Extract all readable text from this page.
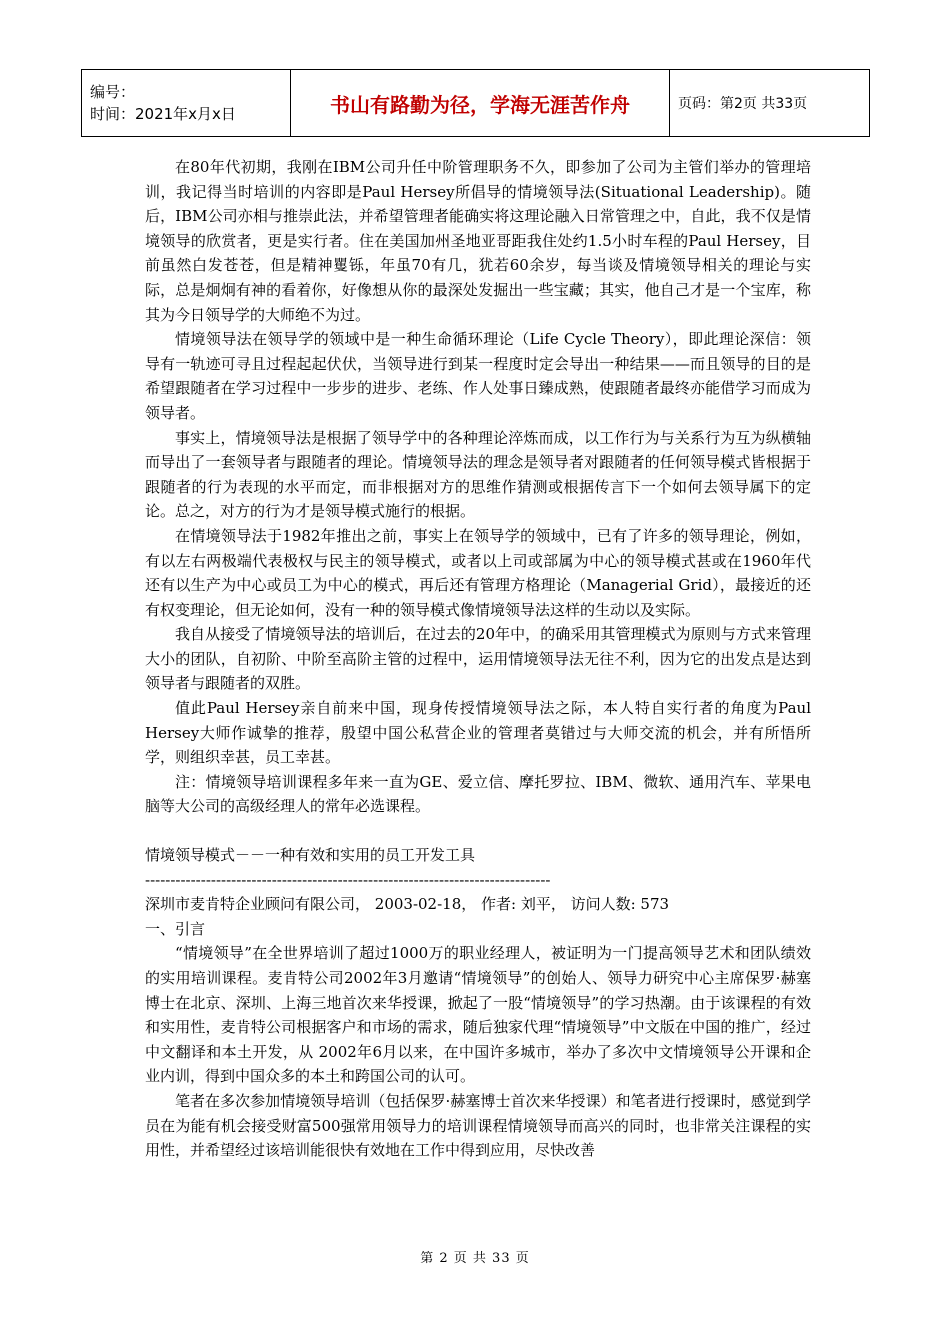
编号：
时间：2021年x月x日	书山有路勤为径，学海无涯苦作舟	页码：第2页 共33页

在80年代初期，我刚在IBM公司升任中阶管理职务不久，即参加了公司为主管们举办的管理培训，我记得当时培训的内容即是Paul Hersey所倡导的情境领导法(Situational Leadership)。随后，IBM公司亦相与推崇此法，并希望管理者能确实将这理论融入日常管理之中，自此，我不仅是情境领导的欣赏者，更是实行者。住在美国加州圣地亚哥距我住处约1.5小时车程的Paul Hersey，目前虽然白发苍苍，但是精神矍铄，年虽70有几，犹若60余岁，每当谈及情境领导相关的理论与实际，总是炯炯有神的看着你，好像想从你的最深处发掘出一些宝藏；其实，他自己才是一个宝库，称其为今日领导学的大师绝不为过。

情境领导法在领导学的领域中是一种生命循环理论（Life Cycle Theory），即此理论深信：领导有一轨迹可寻且过程起起伏伏，当领导进行到某一程度时定会导出一种结果——而且领导的目的是希望跟随者在学习过程中一步步的进步、老练、作人处事日臻成熟，使跟随者最终亦能借学习而成为领导者。

事实上，情境领导法是根据了领导学中的各种理论淬炼而成，以工作行为与关系行为互为纵横轴而导出了一套领导者与跟随者的理论。情境领导法的理念是领导者对跟随者的任何领导模式皆根据于跟随者的行为表现的水平而定，而非根据对方的思维作猜测或根据传言下一个如何去领导属下的定论。总之，对方的行为才是领导模式施行的根据。

在情境领导法于1982年推出之前，事实上在领导学的领域中，已有了许多的领导理论，例如，有以左右两极端代表极权与民主的领导模式，或者以上司或部属为中心的领导模式甚或在1960年代还有以生产为中心或员工为中心的模式，再后还有管理方格理论（Managerial Grid），最接近的还有权变理论，但无论如何，没有一种的领导模式像情境领导法这样的生动以及实际。

我自从接受了情境领导法的培训后，在过去的20年中，的确采用其管理模式为原则与方式来管理大小的团队，自初阶、中阶至高阶主管的过程中，运用情境领导法无往不利，因为它的出发点是达到领导者与跟随者的双胜。

值此Paul Hersey亲自前来中国，现身传授情境领导法之际，本人特自实行者的角度为Paul Hersey大师作诚挚的推荐，殷望中国公私营企业的管理者莫错过与大师交流的机会，并有所悟所学，则组织幸甚，员工幸甚。

注：情境领导培训课程多年来一直为GE、爱立信、摩托罗拉、IBM、微软、通用汽车、苹果电脑等大公司的高级经理人的常年必选课程。

情境领导模式－－一种有效和实用的员工开发工具

--------------------------------------------------------------------------------

深圳市麦肯特企业顾问有限公司， 2003-02-18， 作者: 刘平， 访问人数: 573

一、引言

“情境领导”在全世界培训了超过1000万的职业经理人，被证明为一门提高领导艺术和团队绩效的实用培训课程。麦肯特公司2002年3月邀请“情境领导”的创始人、领导力研究中心主席保罗·赫塞博士在北京、深圳、上海三地首次来华授课，掀起了一股“情境领导”的学习热潮。由于该课程的有效和实用性，麦肯特公司根据客户和市场的需求，随后独家代理“情境领导”中文版在中国的推广，经过中文翻译和本土开发，从 2002年6月以来，在中国许多城市，举办了多次中文情境领导公开课和企业内训，得到中国众多的本土和跨国公司的认可。

笔者在多次参加情境领导培训（包括保罗·赫塞博士首次来华授课）和笔者进行授课时，感觉到学员在为能有机会接受财富500强常用领导力的培训课程情境领导而高兴的同时，也非常关注课程的实用性，并希望经过该培训能很快有效地在工作中得到应用，尽快改善

第 2 页 共 33 页
